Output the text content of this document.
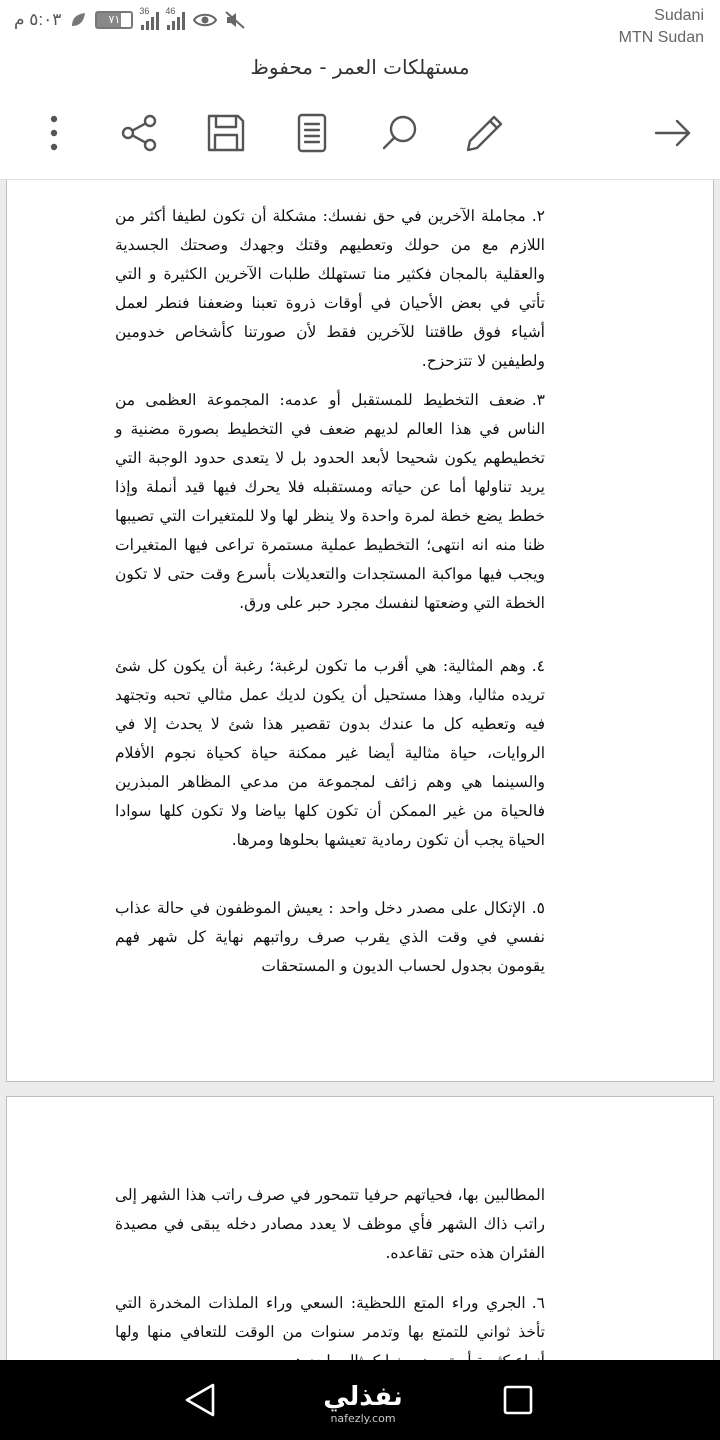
٥:٠٣ م	٧١
36 46	Sudani
MTN Sudan
مستهلكات العمر - محفوظ
٢.مجاملة الآخرين في حق نفسك: مشكلة أن تكون لطيفا أكثر من اللازم مع من حولك وتعطيهم وقتك وجهدك وصحتك الجسدية والعقلية بالمجان فكثير منا تستهلك طلبات الآخرين الكثيرة و التي تأتي في بعض الأحيان في أوقات ذروة تعبنا وضعفنا فنطر لعمل أشياء فوق طاقتنا للآخرين فقط لأن صورتنا كأشخاص خدومين ولطيفين لا تتزحزح.
٣.ضعف التخطيط للمستقبل أو عدمه: المجموعة العظمى من الناس في هذا العالم لديهم ضعف في التخطيط بصورة مضنية و تخطيطهم يكون شحيحا لأبعد الحدود بل لا يتعدى حدود الوجبة التي يريد تناولها أما عن حياته ومستقبله فلا يحرك فيها قيد أنملة وإذا خطط يضع خطة لمرة واحدة ولا ينظر لها ولا للمتغيرات التي تصيبها ظنا منه انه انتهى؛ التخطيط عملية مستمرة تراعى فيها المتغيرات ويجب فيها مواكبة المستجدات والتعديلات بأسرع وقت حتى لا تكون الخطة التي وضعتها لنفسك مجرد حبر على ورق.
٤.وهم المثالية: هي أقرب ما تكون لرغبة؛ رغبة أن يكون كل شئ تريده مثاليا، وهذا مستحيل أن يكون لديك عمل مثالي تحبه وتجتهد فيه وتعطيه كل ما عندك بدون تقصير هذا شئ لا يحدث إلا في الروايات، حياة مثالية أيضا غير ممكنة حياة كحياة نجوم الأفلام والسينما هي وهم زائف لمجموعة من مدعي المظاهر المبذرين فالحياة من غير الممكن أن تكون كلها بياضا ولا تكون كلها سوادا الحياة يجب أن تكون رمادية تعيشها بحلوها ومرها.
٥.الإتكال على مصدر دخل واحد : يعيش الموظفون في حالة عذاب نفسي في وقت الذي يقرب صرف رواتبهم نهاية كل شهر فهم يقومون بجدول لحساب الديون و المستحقات
المطالبين بها، فحياتهم حرفيا تتمحور في صرف راتب هذا الشهر إلى راتب ذاك الشهر فأي موظف لا يعدد مصادر دخله يبقى في مصيدة الفئران هذه حتى تقاعده.
٦.الجري وراء المتع اللحظية: السعي وراء الملذات المخدرة التي تأخذ ثواني للتمتع بها وتدمر سنوات من الوقت للتعافي منها ولها
نفذلي
nafezly.com
